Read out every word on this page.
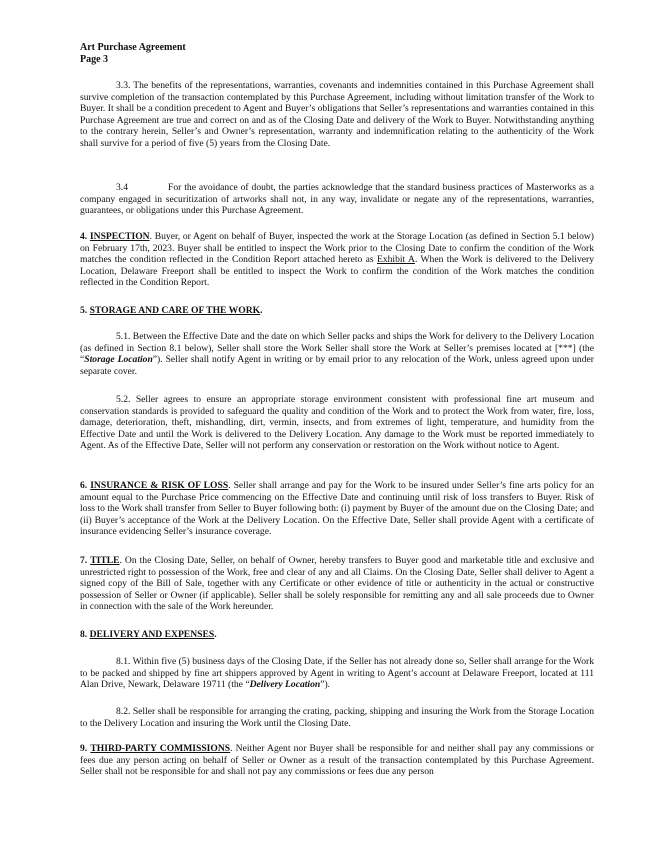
Art Purchase Agreement
Page 3

3.3. The benefits of the representations, warranties, covenants and indemnities contained in this Purchase Agreement shall survive completion of the transaction contemplated by this Purchase Agreement, including without limitation transfer of the Work to Buyer. It shall be a condition precedent to Agent and Buyer’s obligations that Seller’s representations and warranties contained in this Purchase Agreement are true and correct on and as of the Closing Date and delivery of the Work to Buyer. Notwithstanding anything to the contrary herein, Seller’s and Owner’s representation, warranty and indemnification relating to the authenticity of the Work shall survive for a period of five (5) years from the Closing Date.

3.4	For the avoidance of doubt, the parties acknowledge that the standard business practices of Masterworks as a company engaged in securitization of artworks shall not, in any way, invalidate or negate any of the representations, warranties, guarantees, or obligations under this Purchase Agreement.

4. INSPECTION. Buyer, or Agent on behalf of Buyer, inspected the work at the Storage Location (as defined in Section 5.1 below) on February 17th, 2023. Buyer shall be entitled to inspect the Work prior to the Closing Date to confirm the condition of the Work matches the condition reflected in the Condition Report attached hereto as Exhibit A. When the Work is delivered to the Delivery Location, Delaware Freeport shall be entitled to inspect the Work to confirm the condition of the Work matches the condition reflected in the Condition Report.

5. STORAGE AND CARE OF THE WORK.

5.1. Between the Effective Date and the date on which Seller packs and ships the Work for delivery to the Delivery Location (as defined in Section 8.1 below), Seller shall store the Work Seller shall store the Work at Seller’s premises located at [***] (the “Storage Location”). Seller shall notify Agent in writing or by email prior to any relocation of the Work, unless agreed upon under separate cover.

5.2. Seller agrees to ensure an appropriate storage environment consistent with professional fine art museum and conservation standards is provided to safeguard the quality and condition of the Work and to protect the Work from water, fire, loss, damage, deterioration, theft, mishandling, dirt, vermin, insects, and from extremes of light, temperature, and humidity from the Effective Date and until the Work is delivered to the Delivery Location. Any damage to the Work must be reported immediately to Agent. As of the Effective Date, Seller will not perform any conservation or restoration on the Work without notice to Agent.

6. INSURANCE & RISK OF LOSS. Seller shall arrange and pay for the Work to be insured under Seller’s fine arts policy for an amount equal to the Purchase Price commencing on the Effective Date and continuing until risk of loss transfers to Buyer. Risk of loss to the Work shall transfer from Seller to Buyer following both: (i) payment by Buyer of the amount due on the Closing Date; and (ii) Buyer’s acceptance of the Work at the Delivery Location. On the Effective Date, Seller shall provide Agent with a certificate of insurance evidencing Seller’s insurance coverage.

7. TITLE. On the Closing Date, Seller, on behalf of Owner, hereby transfers to Buyer good and marketable title and exclusive and unrestricted right to possession of the Work, free and clear of any and all Claims. On the Closing Date, Seller shall deliver to Agent a signed copy of the Bill of Sale, together with any Certificate or other evidence of title or authenticity in the actual or constructive possession of Seller or Owner (if applicable). Seller shall be solely responsible for remitting any and all sale proceeds due to Owner in connection with the sale of the Work hereunder.

8. DELIVERY AND EXPENSES.

8.1. Within five (5) business days of the Closing Date, if the Seller has not already done so, Seller shall arrange for the Work to be packed and shipped by fine art shippers approved by Agent in writing to Agent’s account at Delaware Freeport, located at 111 Alan Drive, Newark, Delaware 19711 (the “Delivery Location”).

8.2. Seller shall be responsible for arranging the crating, packing, shipping and insuring the Work from the Storage Location to the Delivery Location and insuring the Work until the Closing Date.

9. THIRD-PARTY COMMISSIONS. Neither Agent nor Buyer shall be responsible for and neither shall pay any commissions or fees due any person acting on behalf of Seller or Owner as a result of the transaction contemplated by this Purchase Agreement. Seller shall not be responsible for and shall not pay any commissions or fees due any person
